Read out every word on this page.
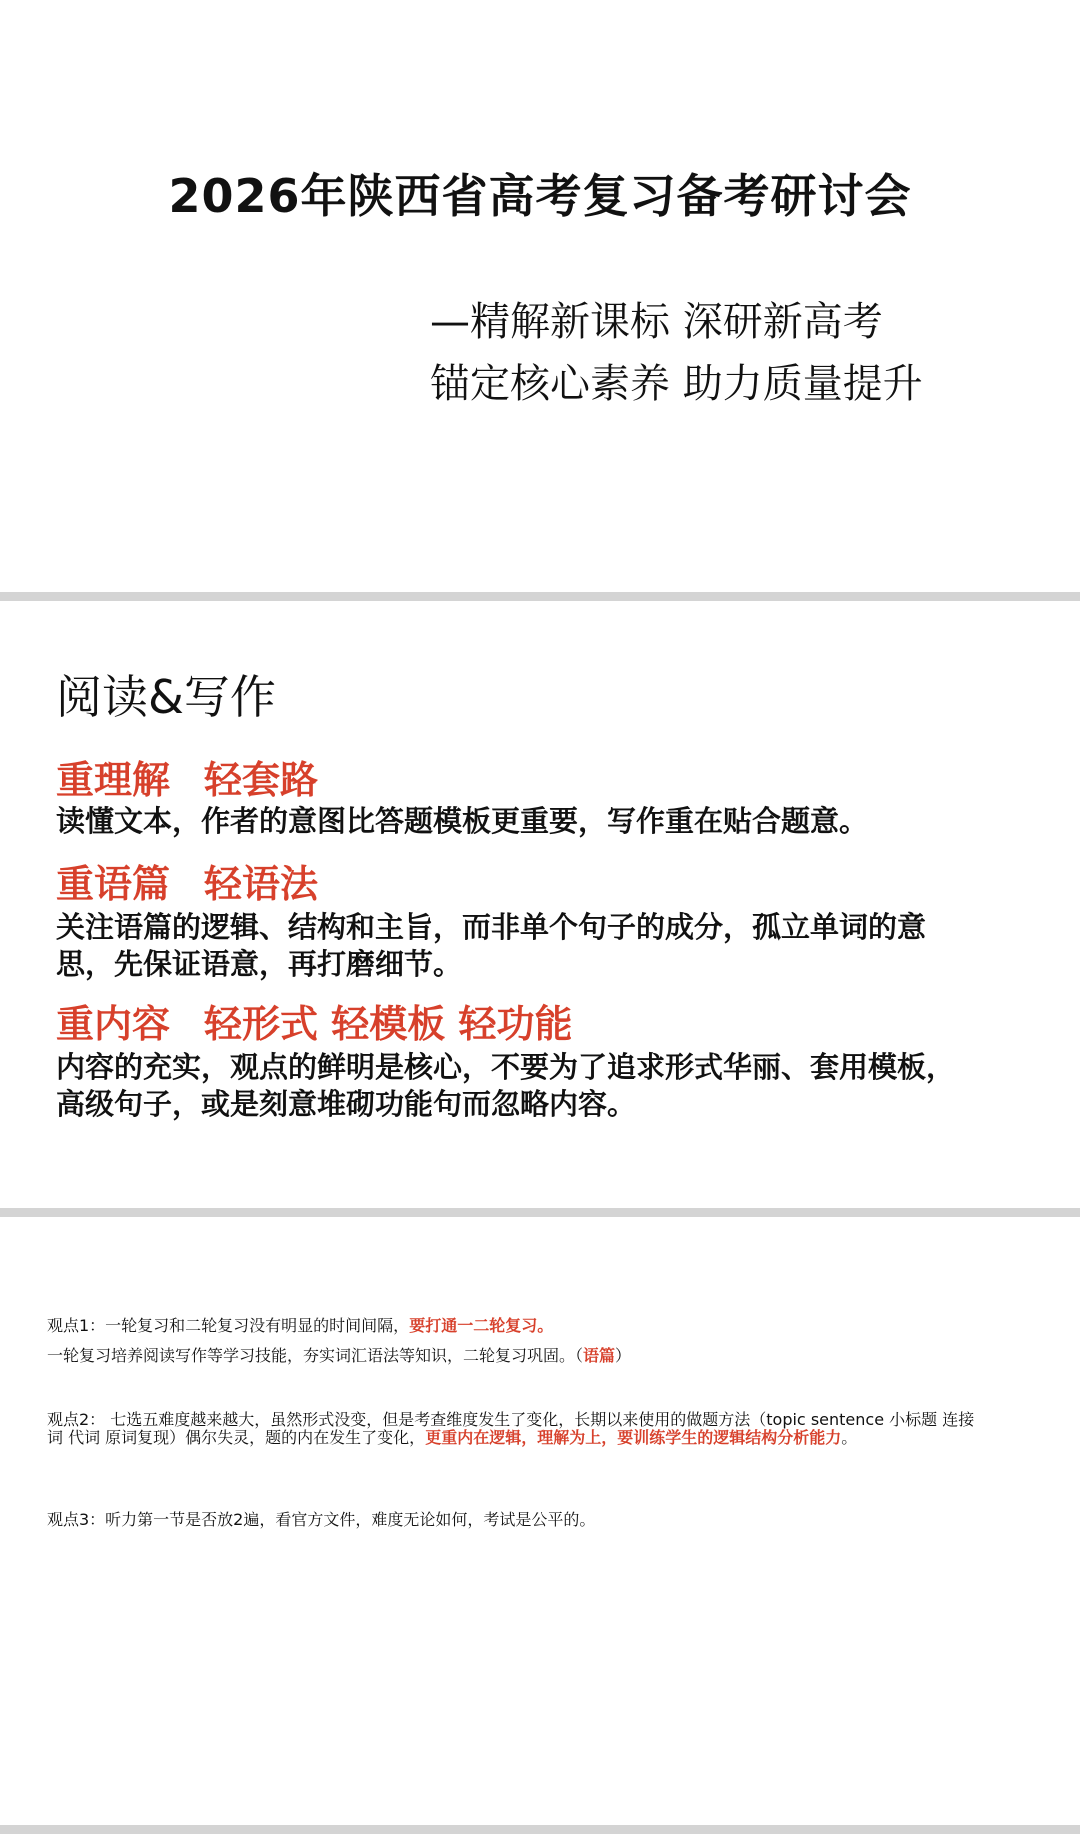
2026年陕西省高考复习备考研讨会
—精解新课标 深研新高考
锚定核心素养 助力质量提升
阅读&写作
重理解 轻套路
读懂文本，作者的意图比答题模板更重要，写作重在贴合题意。
重语篇 轻语法
关注语篇的逻辑、结构和主旨，而非单个句子的成分，孤立单词的意思，先保证语意，再打磨细节。
重内容 轻形式 轻模板 轻功能
内容的充实，观点的鲜明是核心，不要为了追求形式华丽、套用模板，高级句子，或是刻意堆砌功能句而忽略内容。
观点1：一轮复习和二轮复习没有明显的时间间隔，要打通一二轮复习。
一轮复习培养阅读写作等学习技能，夯实词汇语法等知识，二轮复习巩固。（语篇）
观点2： 七选五难度越来越大，虽然形式没变，但是考查维度发生了变化，长期以来使用的做题方法（topic sentence 小标题 连接词 代词 原词复现）偶尔失灵，题的内在发生了变化，更重内在逻辑，理解为上，要训练学生的逻辑结构分析能力。
观点3：听力第一节是否放2遍，看官方文件，难度无论如何，考试是公平的。
